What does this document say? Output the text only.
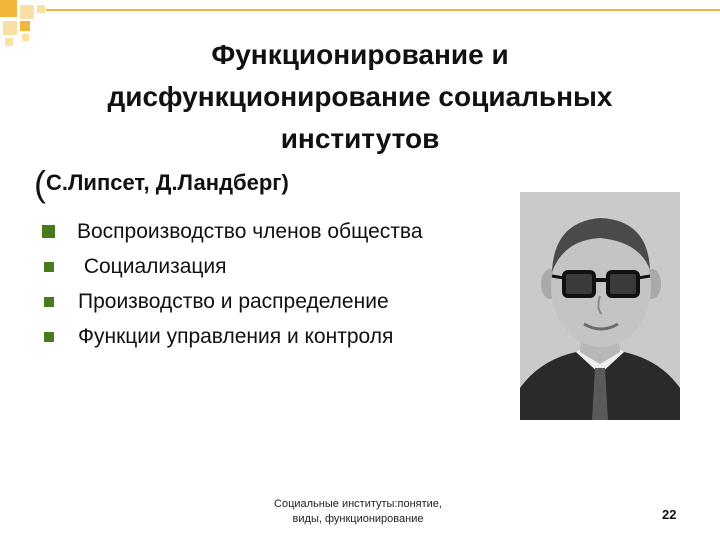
Функционирование и
дисфункционирование социальных
институтов
(С.Липсет, Д.Ландберг)
Воспроизводство членов общества
Социализация
Производство и распределение
Функции управления и контроля
Социальные институты:понятие,
виды, функционирование	22
